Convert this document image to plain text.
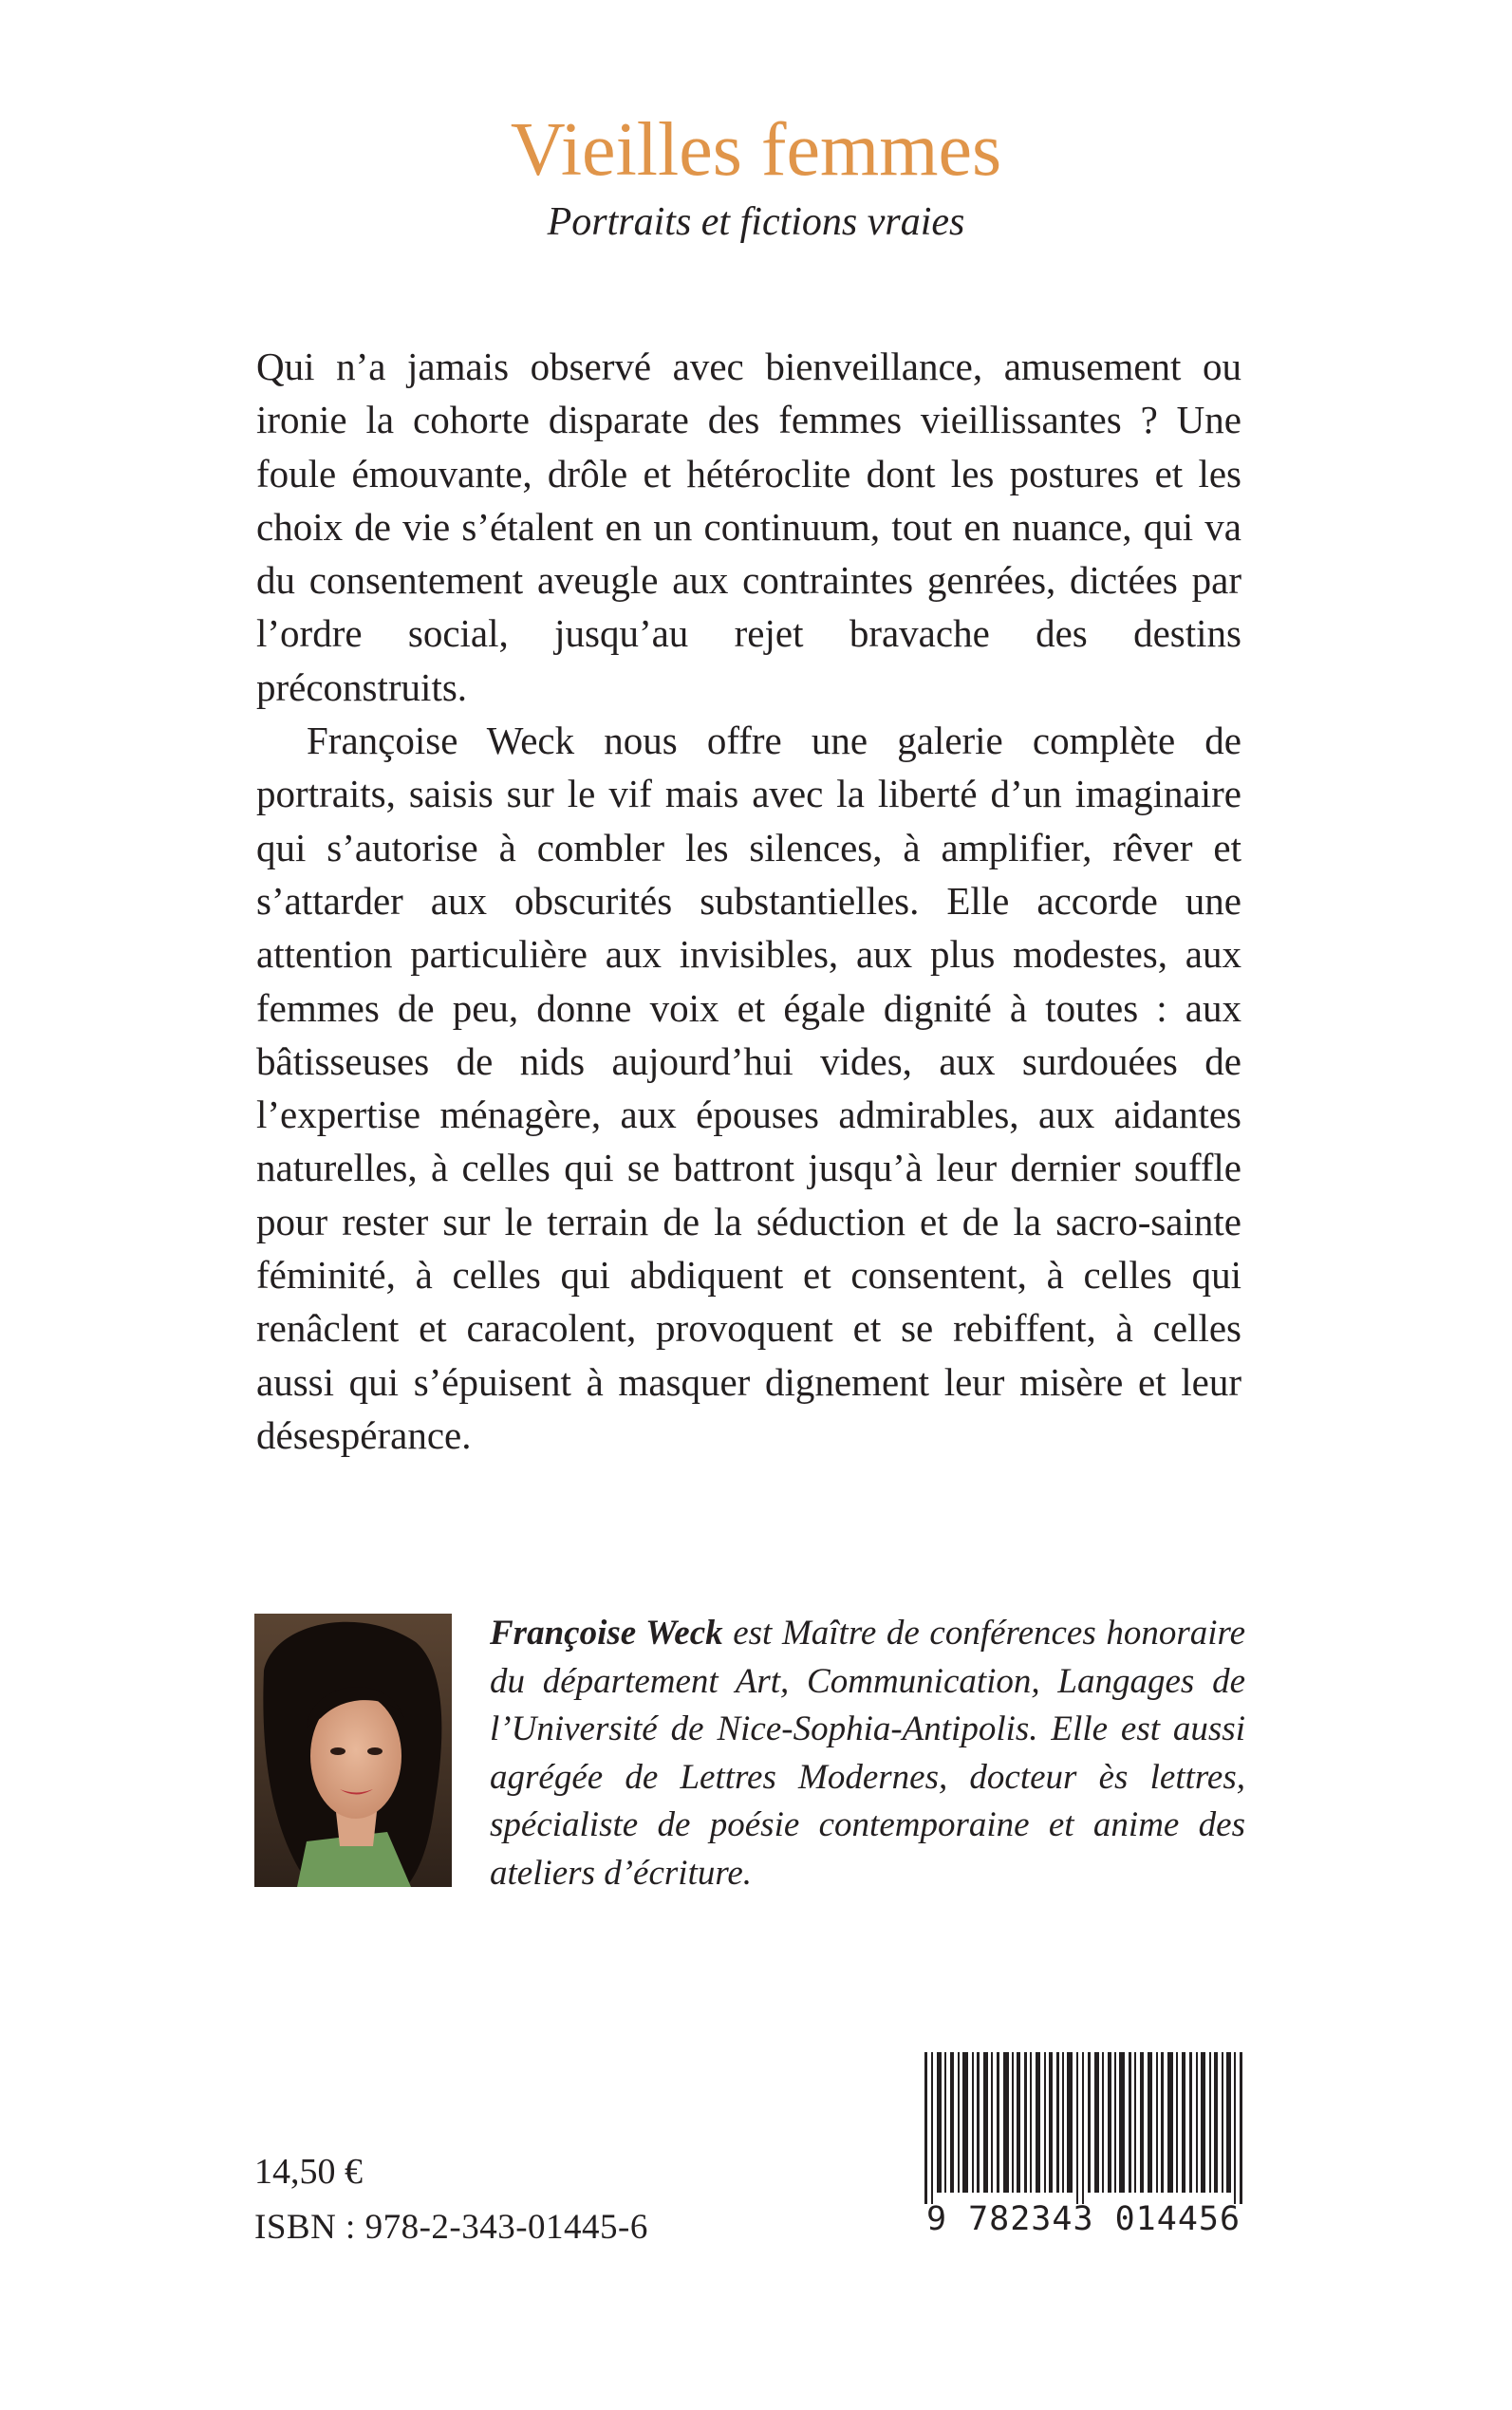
Vieilles femmes
Portraits et fictions vraies

Qui n’a jamais observé avec bienveillance, amusement ou ironie la cohorte disparate des femmes vieillissantes ? Une foule émouvante, drôle et hétéroclite dont les postures et les choix de vie s’étalent en un continuum, tout en nuance, qui va du consentement aveugle aux contraintes genrées, dictées par l’ordre social, jusqu’au rejet bravache des destins préconstruits.

Françoise Weck nous offre une galerie complète de portraits, saisis sur le vif mais avec la liberté d’un imaginaire qui s’autorise à combler les silences, à amplifier, rêver et s’attarder aux obscurités substantielles. Elle accorde une attention particulière aux invisibles, aux plus modestes, aux femmes de peu, donne voix et égale dignité à toutes : aux bâtisseuses de nids aujourd’hui vides, aux surdouées de l’expertise ménagère, aux épouses admirables, aux aidantes naturelles, à celles qui se battront jusqu’à leur dernier souffle pour rester sur le terrain de la séduction et de la sacro-sainte féminité, à celles qui abdiquent et consentent, à celles qui renâclent et caracolent, provoquent et se rebiffent, à celles aussi qui s’épuisent à masquer dignement leur misère et leur désespérance.

Françoise Weck est Maître de conférences honoraire du département Art, Communication, Langages de l’Université de Nice-Sophia-Antipolis. Elle est aussi agrégée de Lettres Modernes, docteur ès lettres, spécialiste de poésie contemporaine et anime des ateliers d’écriture.

14,50 €
ISBN : 978-2-343-01445-6	9 782343 014456
